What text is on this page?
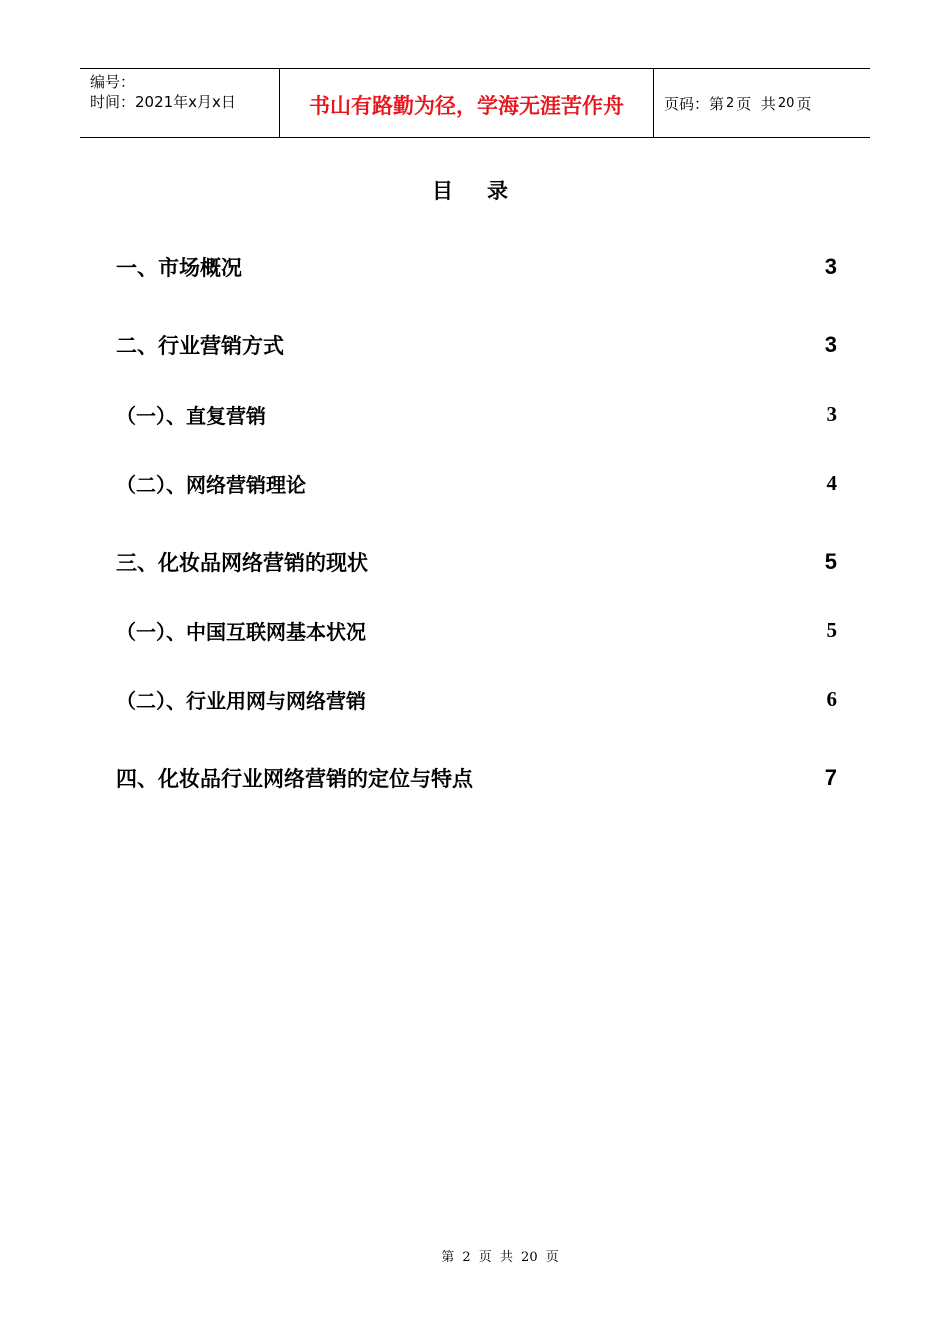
编号：
时间：2021年x月x日	书山有路勤为径，学海无涯苦作舟	页码：第 2 页  共 20 页
目录
一、市场概况	3
二、行业营销方式	3
（一）、直复营销	3
（二）、网络营销理论	4
三、化妆品网络营销的现状	5
（一）、中国互联网基本状况	5
（二）、行业用网与网络营销	6
四、化妆品行业网络营销的定位与特点	7
第 2 页 共 20 页
